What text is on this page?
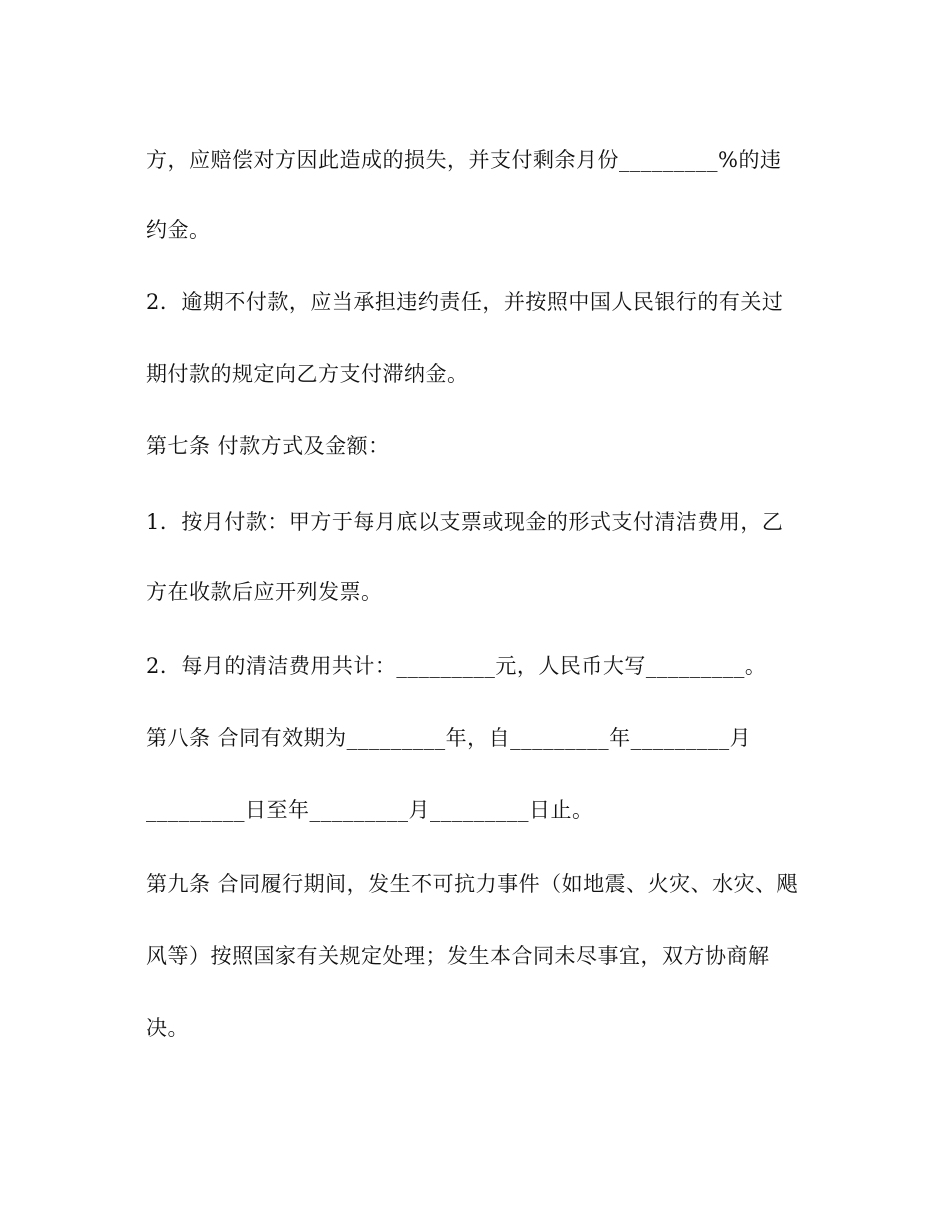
方，应赔偿对方因此造成的损失，并支付剩余月份_________%的违

约金。

2．逾期不付款，应当承担违约责任，并按照中国人民银行的有关过

期付款的规定向乙方支付滞纳金。

第七条 付款方式及金额：

1．按月付款：甲方于每月底以支票或现金的形式支付清洁费用，乙

方在收款后应开列发票。

2．每月的清洁费用共计：_________元，人民币大写_________。

第八条 合同有效期为_________年，自_________年_________月

_________日至年_________月_________日止。

第九条 合同履行期间，发生不可抗力事件（如地震、火灾、水灾、飓

风等）按照国家有关规定处理；发生本合同未尽事宜，双方协商解

决。
